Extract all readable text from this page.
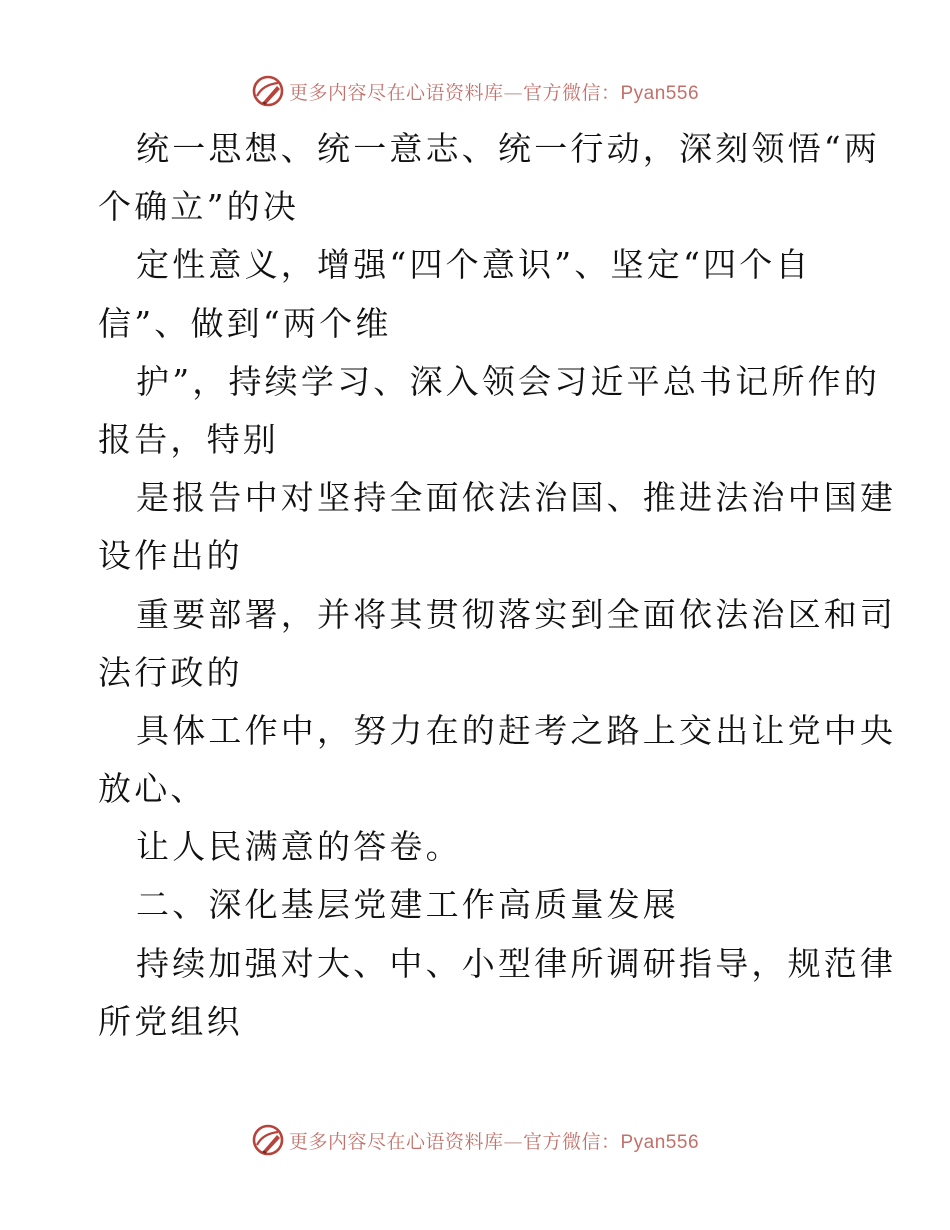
更多内容尽在心语资料库—官方微信：Pyan556
统一思想、统一意志、统一行动，深刻领悟“两
个确立”的决
定性意义，增强“四个意识”、坚定“四个自
信”、做到“两个维
护”，持续学习、深入领会习近平总书记所作的
报告，特别
是报告中对坚持全面依法治国、推进法治中国建
设作出的
重要部署，并将其贯彻落实到全面依法治区和司
法行政的
具体工作中，努力在的赶考之路上交出让党中央
放心、
让人民满意的答卷。
二、深化基层党建工作高质量发展
持续加强对大、中、小型律所调研指导，规范律
所党组织
更多内容尽在心语资料库—官方微信：Pyan556
